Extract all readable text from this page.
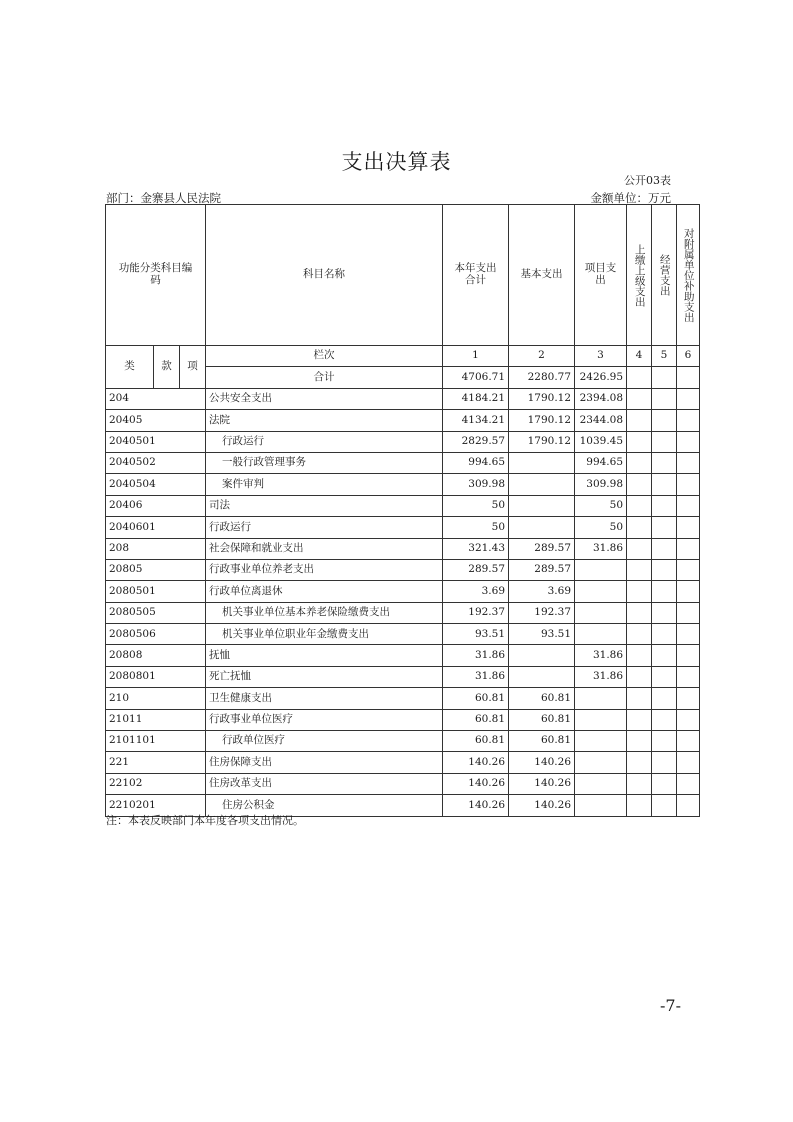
支出决算表
公开03表
部门：金寨县人民法院	金额单位：万元
功能分类科目编码			科目名称	本年支出合计	基本支出	项目支出	上缴上级支出	经营支出	对附属单位补助支出
类	款	项	栏次	1	2	3	4	5	6
			合计	4706.71	2280.77	2426.95			
204			公共安全支出	4184.21	1790.12	2394.08			
20405			法院	4134.21	1790.12	2344.08			
2040501			行政运行	2829.57	1790.12	1039.45			
2040502			一般行政管理事务	994.65		994.65			
2040504			案件审判	309.98		309.98			
20406			司法	50		50			
2040601			行政运行	50		50			
208			社会保障和就业支出	321.43	289.57	31.86			
20805			行政事业单位养老支出	289.57	289.57				
2080501			行政单位离退休	3.69	3.69				
2080505			机关事业单位基本养老保险缴费支出	192.37	192.37				
2080506			机关事业单位职业年金缴费支出	93.51	93.51				
20808			抚恤	31.86		31.86			
2080801			死亡抚恤	31.86		31.86			
210			卫生健康支出	60.81	60.81				
21011			行政事业单位医疗	60.81	60.81				
2101101			行政单位医疗	60.81	60.81				
221			住房保障支出	140.26	140.26				
22102			住房改革支出	140.26	140.26				
2210201			住房公积金	140.26	140.26				
注：本表反映部门本年度各项支出情况。
-7-
